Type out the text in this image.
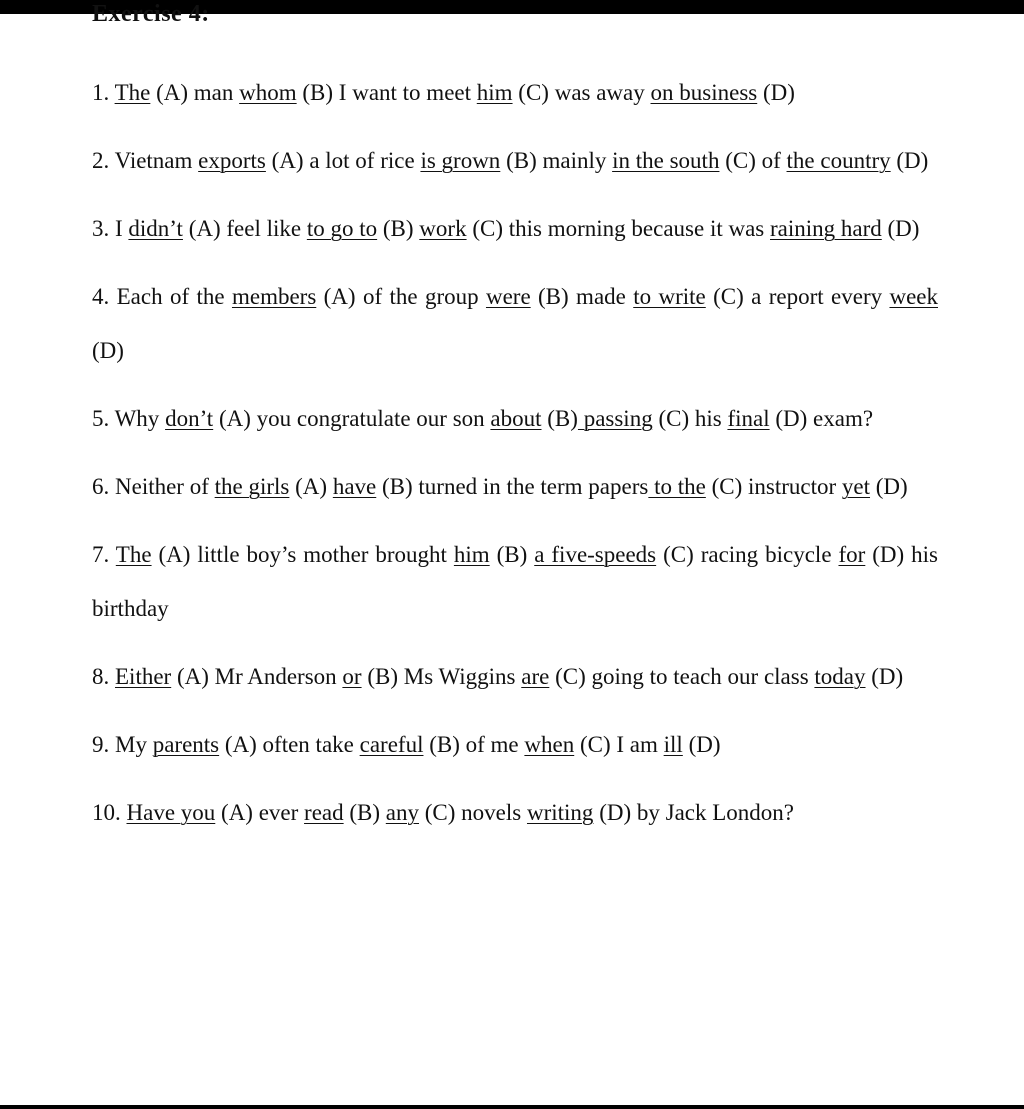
Exercise 4:

1. The (A) man whom (B) I want to meet him (C) was away on business (D)

2. Vietnam exports (A) a lot of rice is grown (B) mainly in the south (C) of the country (D)

3. I didn’t (A) feel like to go to (B) work (C) this morning because it was raining hard (D)

4. Each of the members (A) of the group were (B) made to write (C) a report every week (D)

5. Why don’t (A) you congratulate our son about (B) passing (C) his final (D) exam?

6. Neither of the girls (A) have (B) turned in the term papers to the (C) instructor yet (D)

7. The (A) little boy’s mother brought him (B) a five-speeds (C) racing bicycle for (D) his birthday

8. Either (A) Mr Anderson or (B) Ms Wiggins are (C) going to teach our class today (D)

9. My parents (A) often take careful (B) of me when (C) I am ill (D)

10. Have you (A) ever read (B) any (C) novels writing (D) by Jack London?
